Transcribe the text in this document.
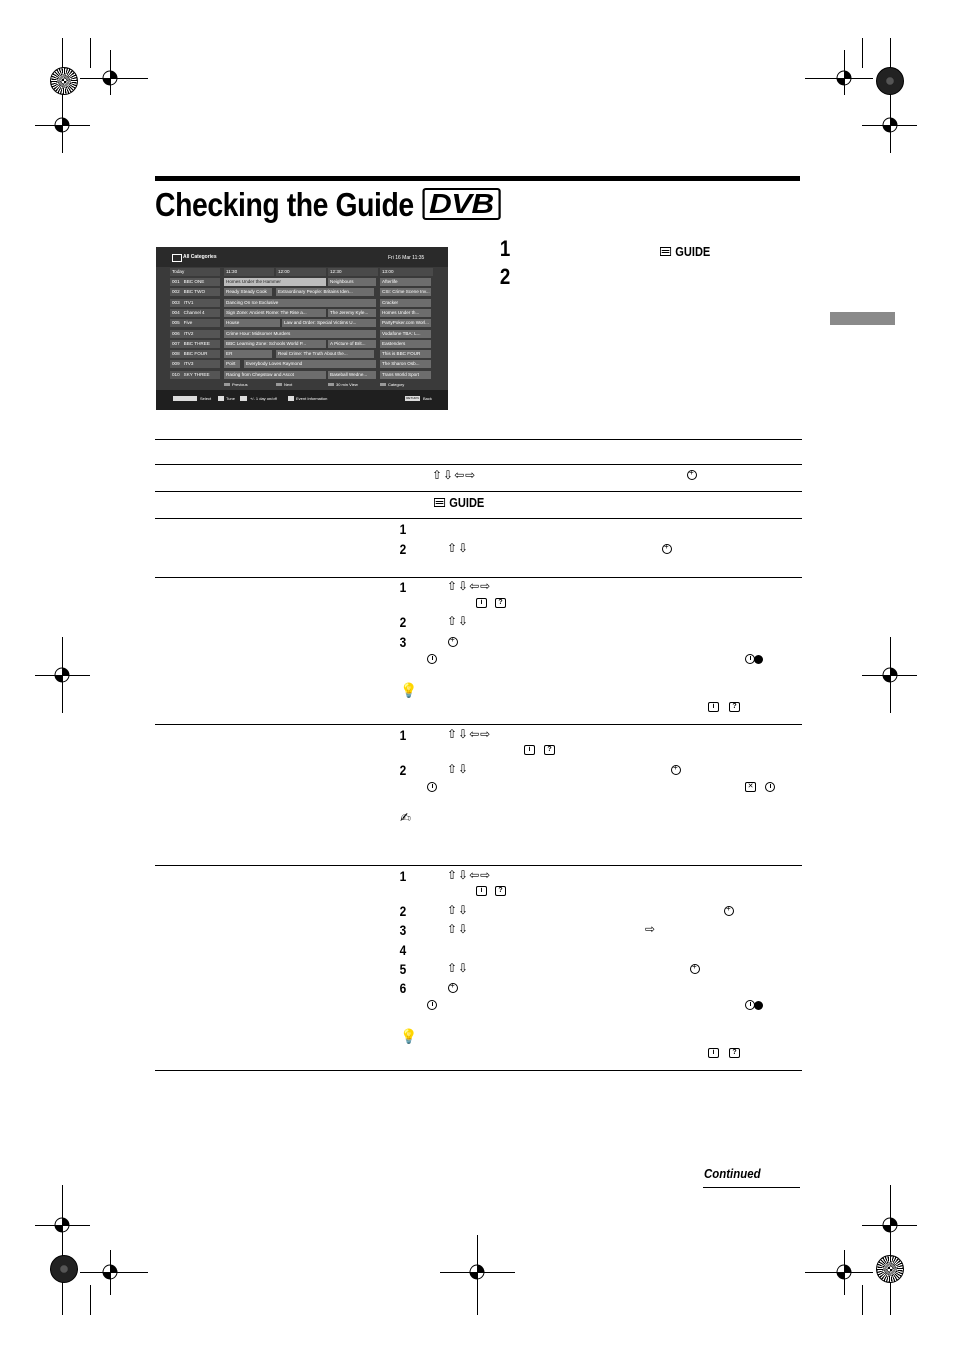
Checking the Guide DVB
All Categories	Fri 16 Mar 11:35
Today	11:30	12:00	12:30	13:00
001 BBC ONE	Homes Under the Hammer	Neighbours	Afterlife
002 BBC TWO	Ready Steady Cook	Extraordinary People: Britains Iden...	CSI: Crime Scene Inv...
003 ITV1	Dancing On Ice Exclusive	Cracker
004 Channel 4	Sign Zone: Ancient Rome: The Rise a...	The Jeremy Kyle...	Homes Under th...
005 Five	House	Law and Order: Special Victims U...	PartyPoker.com Worl...
006 ITV2	Crime Hour: Midsomer Murders	Vodafone TBA: L...
007 BBC THREE	BBC Learning Zone: Schools World P...	A Picture of Brit...	Eastenders
008 BBC FOUR	ER	Real Crime: The Truth About the...	This is BBC FOUR
009 ITV3	Poirt	Everybody Loves Raymond	The Sharon Osb...
010 SKY THREE	Racing from Chepstow and Ascot	Baseball Wedne...	Trans World Sport
Previous	Next	30 min View	Category
Select	Tune	+/- 1 day on/off	Event Information	RETURN	Back
1
2
GUIDE
⇧⇩⇦⇨
+
GUIDE
1
2	⇧⇩
+
1	⇧⇩⇦⇨
i	?
2	⇧⇩
3
+
💡
i	?
1	⇧⇩⇦⇨
i	?
2	⇧⇩
+
✕
✍
1	⇧⇩⇦⇨
i	?
2	⇧⇩
+
3	⇧⇩	⇨
4
5	⇧⇩
+
6
+
💡
i	?
Continued
